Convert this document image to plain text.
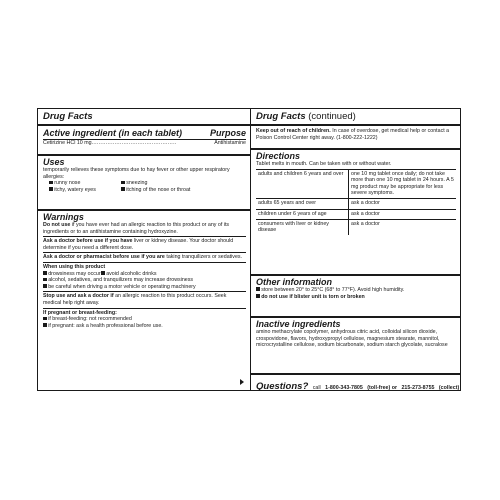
Drug Facts
Active ingredient (in each tablet)	Purpose
Cetirizine HCl 10 mg ................................................	Antihistamine
Uses
temporarily relieves these symptoms due to hay fever or other upper respiratory allergies:
runny nose	sneezing
itchy, watery eyes	itching of the nose or throat
Warnings
Do not use if you have ever had an allergic reaction to this product or any of its ingredients or to an antihistamine containing hydroxyzine.
Ask a doctor before use if you have liver or kidney disease. Your doctor should determine if you need a different dose.
Ask a doctor or pharmacist before use if you are taking tranquilizers or sedatives.
When using this product
drowsiness may occur	avoid alcoholic drinks
alcohol, sedatives, and tranquilizers may increase drowsiness
be careful when driving a motor vehicle or operating machinery
Stop use and ask a doctor if an allergic reaction to this product occurs. Seek medical help right away.
If pregnant or breast-feeding:
if breast-feeding: not recommended
if pregnant: ask a health professional before use.
Drug Facts (continued)
Keep out of reach of children. In case of overdose, get medical help or contact a Poison Control Center right away. (1-800-222-1222)
Directions
Tablet melts in mouth. Can be taken with or without water.
adults and children 6 years and over	one 10 mg tablet once daily; do not take more than one 10 mg tablet in 24 hours. A 5 mg product may be appropriate for less severe symptoms.
adults 65 years and over	ask a doctor
children under 6 years of age	ask a doctor
consumers with liver or kidney disease	ask a doctor
Other information
store between 20° to 25°C (68° to 77°F). Avoid high humidity.
do not use if blister unit is torn or broken
Inactive ingredients
amino methacrylate copolymer, anhydrous citric acid, colloidal silicon dioxide, crospovidone, flavors, hydroxypropyl cellulose, magnesium stearate, mannitol, microcrystalline cellulose, sodium bicarbonate, sodium starch glycolate, sucralose
Questions? call 1-800-343-7805 (toll-free) or 215-273-8755 (collect)
